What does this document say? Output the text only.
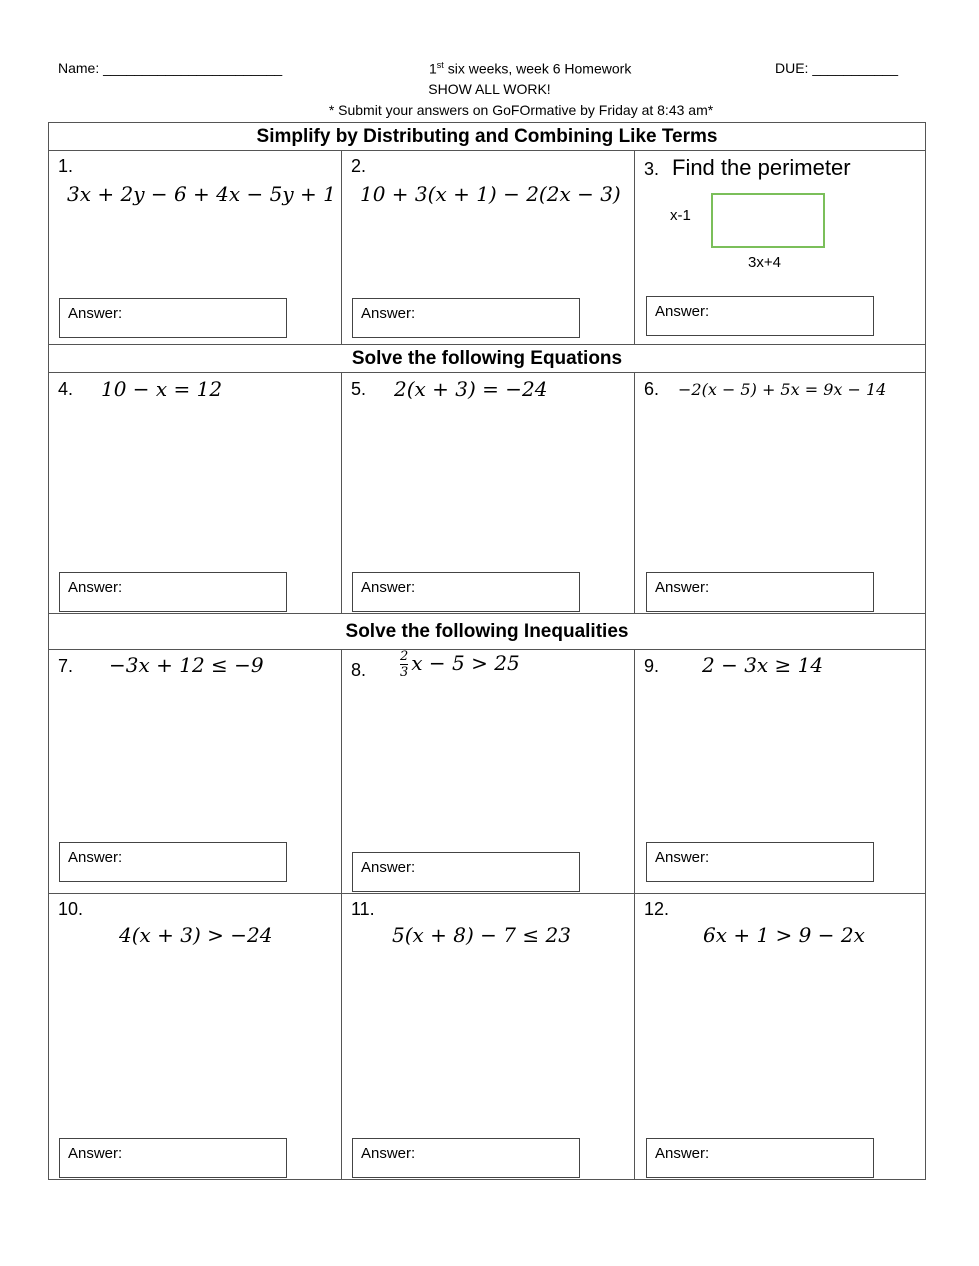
Name: _______________________	1st six weeks, week 6 Homework	DUE: ___________
SHOW ALL WORK!
* Submit your answers on GoFOrmative by Friday at 8:43 am*
Simplify by Distributing and Combining Like Terms
1.
3x + 2y − 6 + 4x − 5y + 1
Answer:
2.
10 + 3(x + 1) − 2(2x − 3)
Answer:
3. Find the perimeter
x-1
3x+4
Answer:
Solve the following Equations
4. 10 − x = 12
Answer:
5. 2(x + 3) = −24
Answer:
6. −2(x − 5) + 5x = 9x − 14
Answer:
Solve the following Inequalities
7. −3x + 12 ≤ −9
Answer:
8.	$\frac{2}{3}$ x − 5 > 25
Answer:
9. 2 − 3x ≥ 14
Answer:
10.
4(x + 3) > −24
Answer:
11.
5(x + 8) − 7 ≤ 23
Answer:
12.
6x + 1 > 9 − 2x
Answer:
